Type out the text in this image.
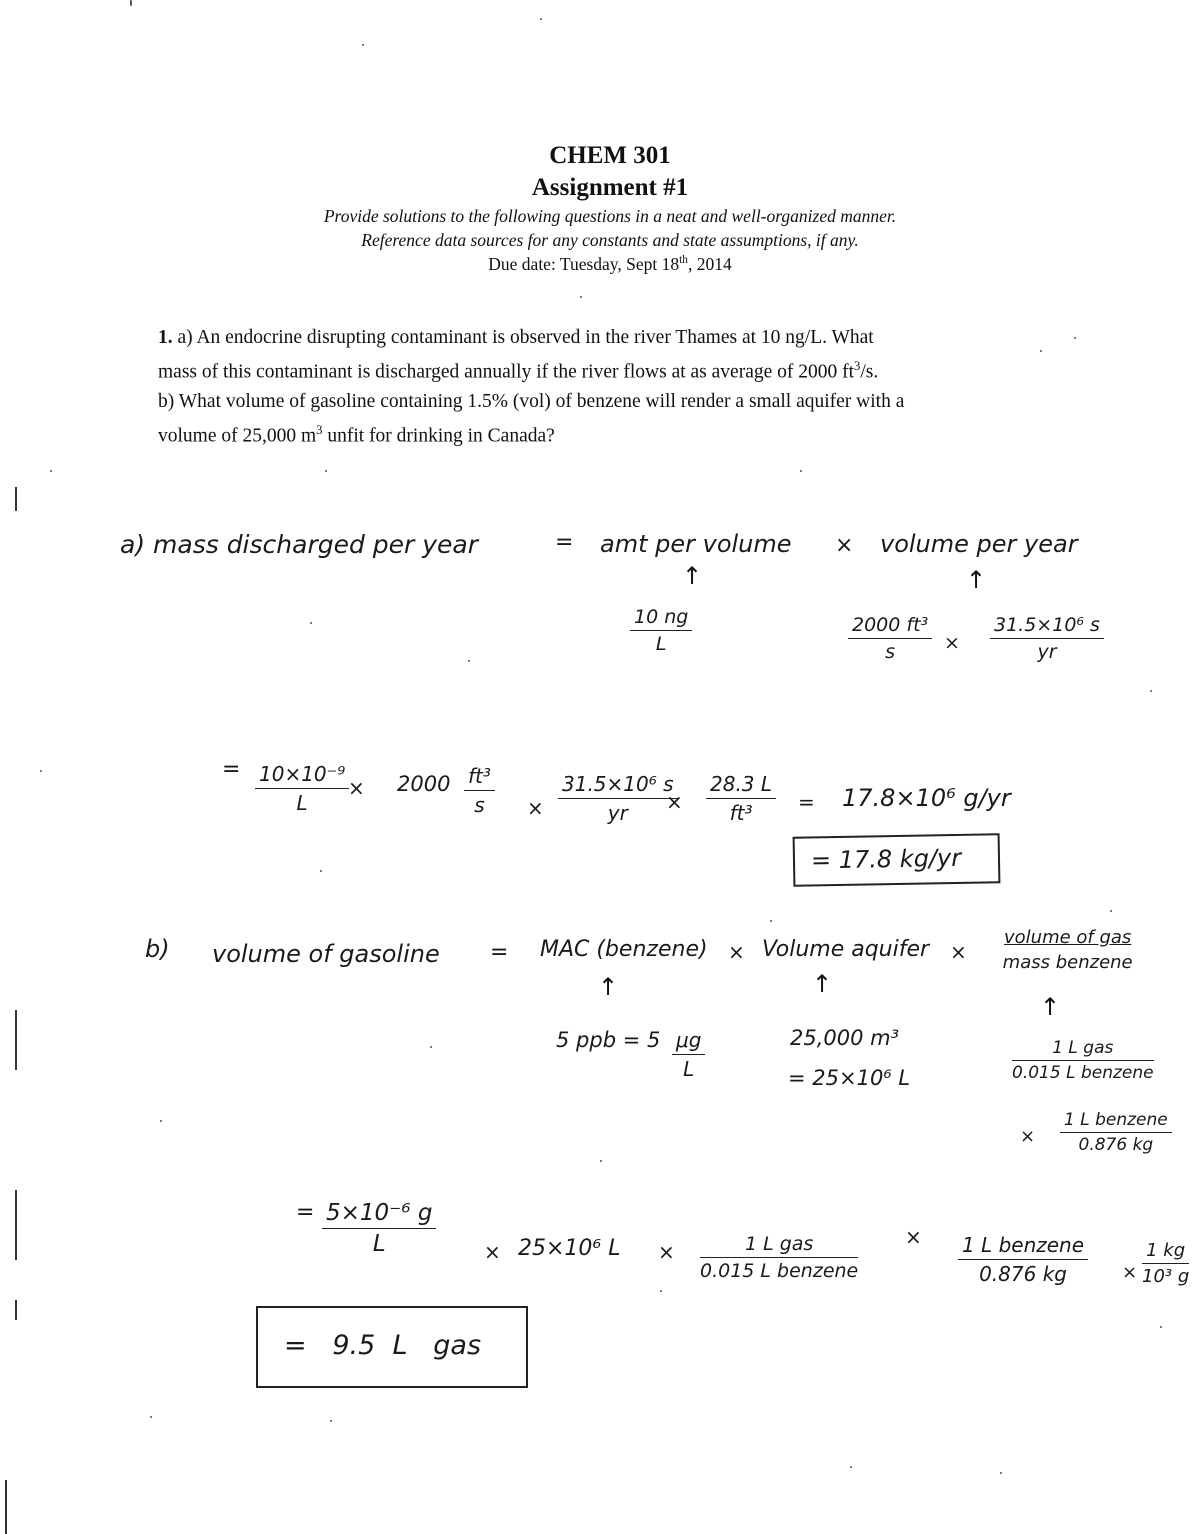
CHEM 301
Assignment #1
Provide solutions to the following questions in a neat and well-organized manner.
Reference data sources for any constants and state assumptions, if any.
Due date: Tuesday, Sept 18th, 2014
1. a) An endocrine disrupting contaminant is observed in the river Thames at 10 ng/L. What
mass of this contaminant is discharged annually if the river flows at as average of 2000 $ft^3/s$.
b) What volume of gasoline containing 1.5% (vol) of benzene will render a small aquifer with a
volume of 25,000 $m^3$ unfit for drinking in Canada?
a) mass discharged per year	= amt per volume × volume per year
↑	↑
$\frac{10 ng}{L}$	$\frac{\text{2000 ft³}}{s} \times \frac{\text{31.5×10⁶ s}}{yr}$
= $\frac{\text{10×10⁻⁹}}{L}$
× $2000 \frac{\text{ft³}}{s} \times \frac{\text{31.5×10⁶ s}}{yr}$
× $\frac{28.3 L}{\text{ft³}} = 17.8\times 10^6$ g/yr
= 17.8 kg/yr
b) volume of gasoline = MAC (benzene) × Volume aquifer ×
volume of gas
mass benzene
↑	↑
↑
5 ppb = $5 \frac{\mu g}{L}$	25,000 m³
= 25×10⁶ L
1 L gas
0.015 L benzene
×
1 L benzene
0.876 kg
= $\frac{\text{5×10⁻⁶ g}}{L} \times 25\times 10^6$ L ×	1 L gas
0.015 L benzene
× 1 L benzene
0.876 kg	× $\frac{1 kg}{\text{10³ g}}$
=   9.5  L   gas
